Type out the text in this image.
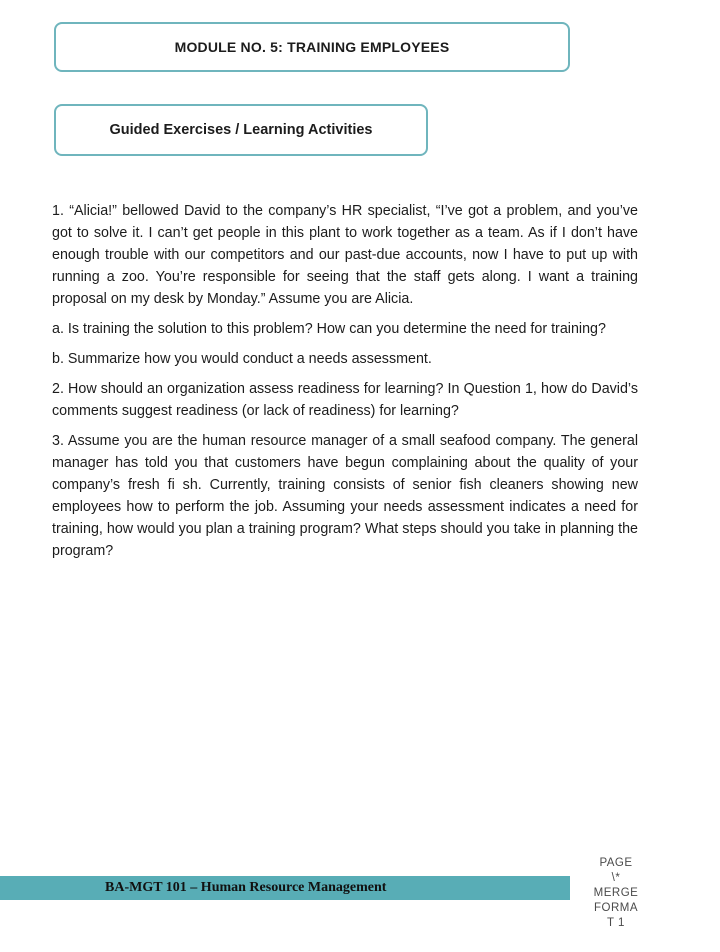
MODULE NO. 5: TRAINING EMPLOYEES
Guided Exercises / Learning Activities

1. “Alicia!” bellowed David to the company’s HR specialist, “I’ve got a problem, and you’ve got to solve it. I can’t get people in this plant to work together as a team. As if I don’t have enough trouble with our competitors and our past-due accounts, now I have to put up with running a zoo. You’re responsible for seeing that the staff gets along. I want a training proposal on my desk by Monday.” Assume you are Alicia.

a. Is training the solution to this problem? How can you determine the need for training?

b. Summarize how you would conduct a needs assessment.

2. How should an organization assess readiness for learning? In Question 1, how do David’s comments suggest readiness (or lack of readiness) for learning?

3. Assume you are the human resource manager of a small seafood company. The general manager has told you that customers have begun complaining about the quality of your company’s fresh fi sh. Currently, training consists of senior fish cleaners showing new employees how to perform the job. Assuming your needs assessment indicates a need for training, how would you plan a training program? What steps should you take in planning the program?

BA-MGT 101 – Human Resource Management
PAGE
\*
MERGE
FORMA
T 1
